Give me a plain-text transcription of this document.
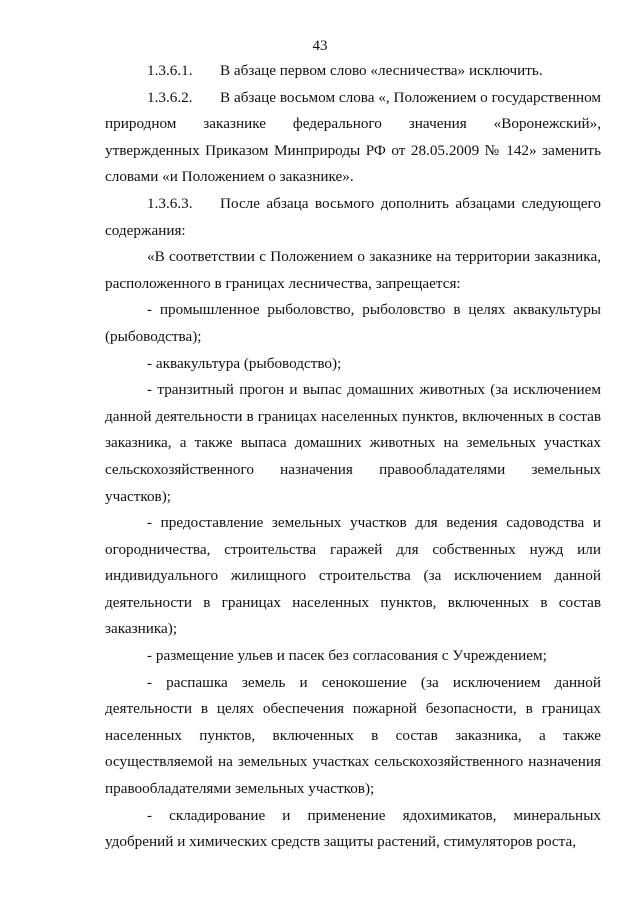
43

1.3.6.1. В абзаце первом слово «лесничества» исключить.

1.3.6.2. В абзаце восьмом слова «, Положением о государственном природном заказнике федерального значения «Воронежский», утвержденных Приказом Минприроды РФ от 28.05.2009 № 142» заменить словами «и Положением о заказнике».

1.3.6.3. После абзаца восьмого дополнить абзацами следующего содержания:

«В соответствии с Положением о заказнике на территории заказника, расположенного в границах лесничества, запрещается:

- промышленное рыболовство, рыболовство в целях аквакультуры (рыбоводства);

- аквакультура (рыбоводство);

- транзитный прогон и выпас домашних животных (за исключением данной деятельности в границах населенных пунктов, включенных в состав заказника, а также выпаса домашних животных на земельных участках сельскохозяйственного назначения правообладателями земельных участков);

- предоставление земельных участков для ведения садоводства и огородничества, строительства гаражей для собственных нужд или индивидуального жилищного строительства (за исключением данной деятельности в границах населенных пунктов, включенных в состав заказника);

- размещение ульев и пасек без согласования с Учреждением;

- распашка земель и сенокошение (за исключением данной деятельности в целях обеспечения пожарной безопасности, в границах населенных пунктов, включенных в состав заказника, а также осуществляемой на земельных участках сельскохозяйственного назначения правообладателями земельных участков);

- складирование и применение ядохимикатов, минеральных удобрений и химических средств защиты растений, стимуляторов роста,
